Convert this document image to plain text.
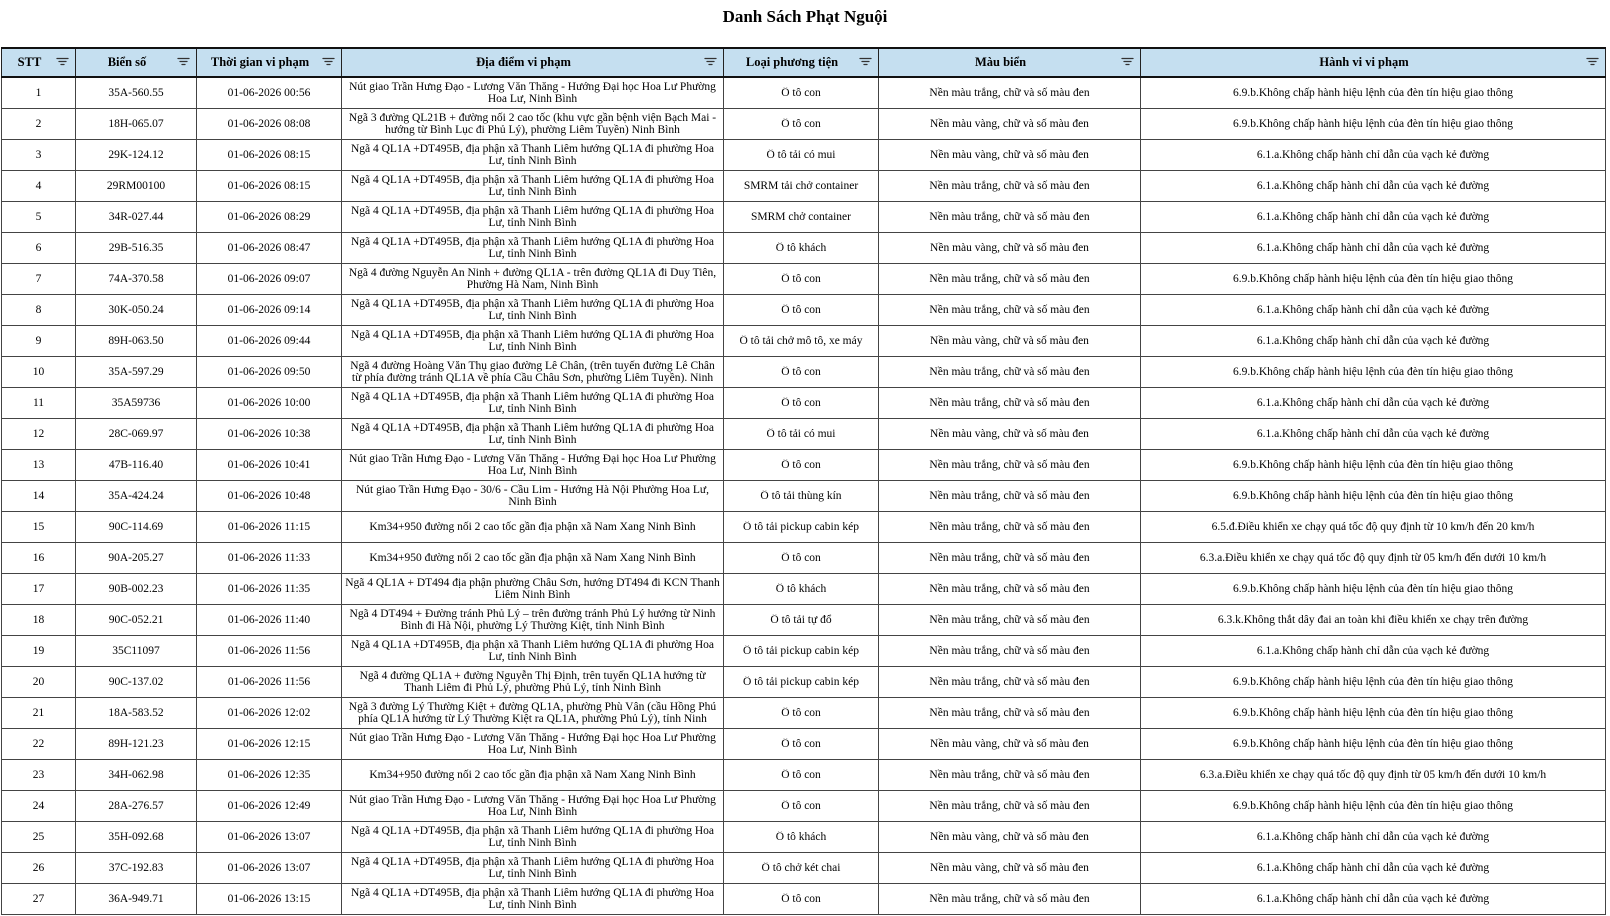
Danh Sách Phạt Nguội
STT	Biển số	Thời gian vi phạm	Địa điểm vi phạm	Loại phương tiện	Màu biển	Hành vi vi phạm

1	35A-560.55	01-06-2026 00:56	Nút giao Trần Hưng Đạo - Lương Văn Thăng - Hướng Đại học Hoa Lư Phường Hoa Lư, Ninh Bình	Ô tô con	Nền màu trắng, chữ và số màu đen	6.9.b.Không chấp hành hiệu lệnh của đèn tín hiệu giao thông

2	18H-065.07	01-06-2026 08:08	Ngã 3 đường QL21B + đường nối 2 cao tốc (khu vực gần bệnh viện Bạch Mai - hướng từ Bình Lục đi Phủ Lý), phường Liêm Tuyền) Ninh Bình	Ô tô con	Nền màu vàng, chữ và số màu đen	6.9.b.Không chấp hành hiệu lệnh của đèn tín hiệu giao thông

3	29K-124.12	01-06-2026 08:15	Ngã 4 QL1A +DT495B, địa phận xã Thanh Liêm hướng QL1A đi phường Hoa Lư, tỉnh Ninh Bình	Ô tô tải có mui	Nền màu vàng, chữ và số màu đen	6.1.a.Không chấp hành chỉ dẫn của vạch kẻ đường

4	29RM00100	01-06-2026 08:15	Ngã 4 QL1A +DT495B, địa phận xã Thanh Liêm hướng QL1A đi phường Hoa Lư, tỉnh Ninh Bình	SMRM tải chở container	Nền màu trắng, chữ và số màu đen	6.1.a.Không chấp hành chỉ dẫn của vạch kẻ đường

5	34R-027.44	01-06-2026 08:29	Ngã 4 QL1A +DT495B, địa phận xã Thanh Liêm hướng QL1A đi phường Hoa Lư, tỉnh Ninh Bình	SMRM chở container	Nền màu trắng, chữ và số màu đen	6.1.a.Không chấp hành chỉ dẫn của vạch kẻ đường

6	29B-516.35	01-06-2026 08:47	Ngã 4 QL1A +DT495B, địa phận xã Thanh Liêm hướng QL1A đi phường Hoa Lư, tỉnh Ninh Bình	Ô tô khách	Nền màu vàng, chữ và số màu đen	6.1.a.Không chấp hành chỉ dẫn của vạch kẻ đường

7	74A-370.58	01-06-2026 09:07	Ngã 4 đường Nguyễn An Ninh + đường QL1A - trên đường QL1A đi Duy Tiên, Phường Hà Nam, Ninh Bình	Ô tô con	Nền màu trắng, chữ và số màu đen	6.9.b.Không chấp hành hiệu lệnh của đèn tín hiệu giao thông

8	30K-050.24	01-06-2026 09:14	Ngã 4 QL1A +DT495B, địa phận xã Thanh Liêm hướng QL1A đi phường Hoa Lư, tỉnh Ninh Bình	Ô tô con	Nền màu trắng, chữ và số màu đen	6.1.a.Không chấp hành chỉ dẫn của vạch kẻ đường

9	89H-063.50	01-06-2026 09:44	Ngã 4 QL1A +DT495B, địa phận xã Thanh Liêm hướng QL1A đi phường Hoa Lư, tỉnh Ninh Bình	Ô tô tải chở mô tô, xe máy	Nền màu vàng, chữ và số màu đen	6.1.a.Không chấp hành chỉ dẫn của vạch kẻ đường

10	35A-597.29	01-06-2026 09:50	Ngã 4 đường Hoàng Văn Thụ giao đường Lê Chân, (trên tuyến đường Lê Chân từ phía đường tránh QL1A về phía Cầu Châu Sơn, phường Liêm Tuyền). Ninh	Ô tô con	Nền màu trắng, chữ và số màu đen	6.9.b.Không chấp hành hiệu lệnh của đèn tín hiệu giao thông

11	35A59736	01-06-2026 10:00	Ngã 4 QL1A +DT495B, địa phận xã Thanh Liêm hướng QL1A đi phường Hoa Lư, tỉnh Ninh Bình	Ô tô con	Nền màu trắng, chữ và số màu đen	6.1.a.Không chấp hành chỉ dẫn của vạch kẻ đường

12	28C-069.97	01-06-2026 10:38	Ngã 4 QL1A +DT495B, địa phận xã Thanh Liêm hướng QL1A đi phường Hoa Lư, tỉnh Ninh Bình	Ô tô tải có mui	Nền màu vàng, chữ và số màu đen	6.1.a.Không chấp hành chỉ dẫn của vạch kẻ đường

13	47B-116.40	01-06-2026 10:41	Nút giao Trần Hưng Đạo - Lương Văn Thăng - Hướng Đại học Hoa Lư Phường Hoa Lư, Ninh Bình	Ô tô con	Nền màu trắng, chữ và số màu đen	6.9.b.Không chấp hành hiệu lệnh của đèn tín hiệu giao thông

14	35A-424.24	01-06-2026 10:48	Nút giao Trần Hưng Đạo - 30/6 - Cầu Lim - Hướng Hà Nội Phường Hoa Lư, Ninh Bình	Ô tô tải thùng kín	Nền màu trắng, chữ và số màu đen	6.9.b.Không chấp hành hiệu lệnh của đèn tín hiệu giao thông

15	90C-114.69	01-06-2026 11:15	Km34+950 đường nối 2 cao tốc gần địa phận xã Nam Xang Ninh Bình	Ô tô tải pickup cabin kép	Nền màu trắng, chữ và số màu đen	6.5.đ.Điều khiển xe chạy quá tốc độ quy định từ 10 km/h đến 20 km/h

16	90A-205.27	01-06-2026 11:33	Km34+950 đường nối 2 cao tốc gần địa phận xã Nam Xang Ninh Bình	Ô tô con	Nền màu trắng, chữ và số màu đen	6.3.a.Điều khiển xe chạy quá tốc độ quy định từ 05 km/h đến dưới 10 km/h

17	90B-002.23	01-06-2026 11:35	Ngã 4 QL1A + DT494 địa phận phường Châu Sơn, hướng DT494 đi KCN Thanh Liêm Ninh Bình	Ô tô khách	Nền màu trắng, chữ và số màu đen	6.9.b.Không chấp hành hiệu lệnh của đèn tín hiệu giao thông

18	90C-052.21	01-06-2026 11:40	Ngã 4 DT494 + Đường tránh Phủ Lý – trên đường tránh Phủ Lý hướng từ Ninh Bình đi Hà Nội, phường Lý Thường Kiệt, tỉnh Ninh Bình	Ô tô tải tự đổ	Nền màu trắng, chữ và số màu đen	6.3.k.Không thắt dây đai an toàn khi điều khiển xe chạy trên đường

19	35C11097	01-06-2026 11:56	Ngã 4 QL1A +DT495B, địa phận xã Thanh Liêm hướng QL1A đi phường Hoa Lư, tỉnh Ninh Bình	Ô tô tải pickup cabin kép	Nền màu trắng, chữ và số màu đen	6.1.a.Không chấp hành chỉ dẫn của vạch kẻ đường

20	90C-137.02	01-06-2026 11:56	Ngã 4 đường QL1A + đường Nguyễn Thị Định, trên tuyến QL1A hướng từ Thanh Liêm đi Phủ Lý, phường Phủ Lý, tỉnh Ninh Bình	Ô tô tải pickup cabin kép	Nền màu trắng, chữ và số màu đen	6.9.b.Không chấp hành hiệu lệnh của đèn tín hiệu giao thông

21	18A-583.52	01-06-2026 12:02	Ngã 3 đường Lý Thường Kiệt + đường QL1A, phường Phù Vân (cầu Hồng Phú phía QL1A hướng từ Lý Thường Kiệt ra QL1A, phường Phủ Lý), tỉnh Ninh	Ô tô con	Nền màu trắng, chữ và số màu đen	6.9.b.Không chấp hành hiệu lệnh của đèn tín hiệu giao thông

22	89H-121.23	01-06-2026 12:15	Nút giao Trần Hưng Đạo - Lương Văn Thăng - Hướng Đại học Hoa Lư Phường Hoa Lư, Ninh Bình	Ô tô con	Nền màu vàng, chữ và số màu đen	6.9.b.Không chấp hành hiệu lệnh của đèn tín hiệu giao thông

23	34H-062.98	01-06-2026 12:35	Km34+950 đường nối 2 cao tốc gần địa phận xã Nam Xang Ninh Bình	Ô tô con	Nền màu trắng, chữ và số màu đen	6.3.a.Điều khiển xe chạy quá tốc độ quy định từ 05 km/h đến dưới 10 km/h

24	28A-276.57	01-06-2026 12:49	Nút giao Trần Hưng Đạo - Lương Văn Thăng - Hướng Đại học Hoa Lư Phường Hoa Lư, Ninh Bình	Ô tô con	Nền màu trắng, chữ và số màu đen	6.9.b.Không chấp hành hiệu lệnh của đèn tín hiệu giao thông

25	35H-092.68	01-06-2026 13:07	Ngã 4 QL1A +DT495B, địa phận xã Thanh Liêm hướng QL1A đi phường Hoa Lư, tỉnh Ninh Bình	Ô tô khách	Nền màu vàng, chữ và số màu đen	6.1.a.Không chấp hành chỉ dẫn của vạch kẻ đường

26	37C-192.83	01-06-2026 13:07	Ngã 4 QL1A +DT495B, địa phận xã Thanh Liêm hướng QL1A đi phường Hoa Lư, tỉnh Ninh Bình	Ô tô chở két chai	Nền màu vàng, chữ và số màu đen	6.1.a.Không chấp hành chỉ dẫn của vạch kẻ đường

27	36A-949.71	01-06-2026 13:15	Ngã 4 QL1A +DT495B, địa phận xã Thanh Liêm hướng QL1A đi phường Hoa Lư, tỉnh Ninh Bình	Ô tô con	Nền màu trắng, chữ và số màu đen	6.1.a.Không chấp hành chỉ dẫn của vạch kẻ đường
